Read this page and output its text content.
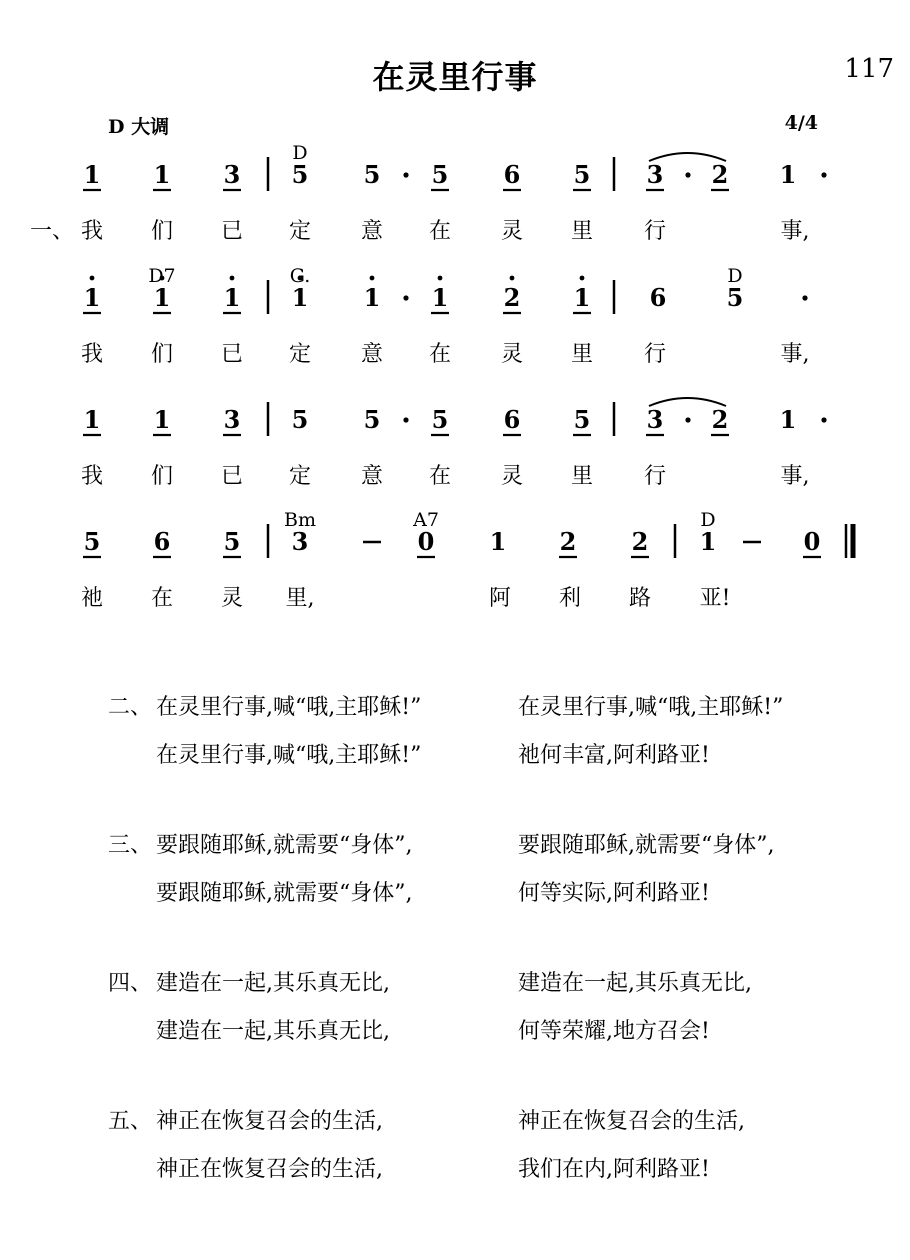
在灵里行事	117
D 大调	4/4
1 1 3 5 5 5 6 5 3 2 1
D
一、 我 们 已 定 意 在 灵 里 行	事,
1 1 1 1 1 1 2 1 6	5
D7	G.	D
我 们 已 定 意 在 灵 里 行	事,
1 1 3 5 5 5 6 5 3 2 1
我 们 已 定 意 在 灵 里 行	事,
5 6 5 3	0 1 2 2 1	0
Bm	A7	D
祂 在 灵 里,	阿 利 路 亚!
二、 在灵里行事,喊“哦,主耶稣!”	在灵里行事,喊“哦,主耶稣!”
在灵里行事,喊“哦,主耶稣!”	祂何丰富,阿利路亚!
三、 要跟随耶稣,就需要“身体”,	要跟随耶稣,就需要“身体”,
要跟随耶稣,就需要“身体”,	何等实际,阿利路亚!
四、 建造在一起,其乐真无比,	建造在一起,其乐真无比,
建造在一起,其乐真无比,	何等荣耀,地方召会!
五、 神正在恢复召会的生活,	神正在恢复召会的生活,
神正在恢复召会的生活,	我们在内,阿利路亚!
